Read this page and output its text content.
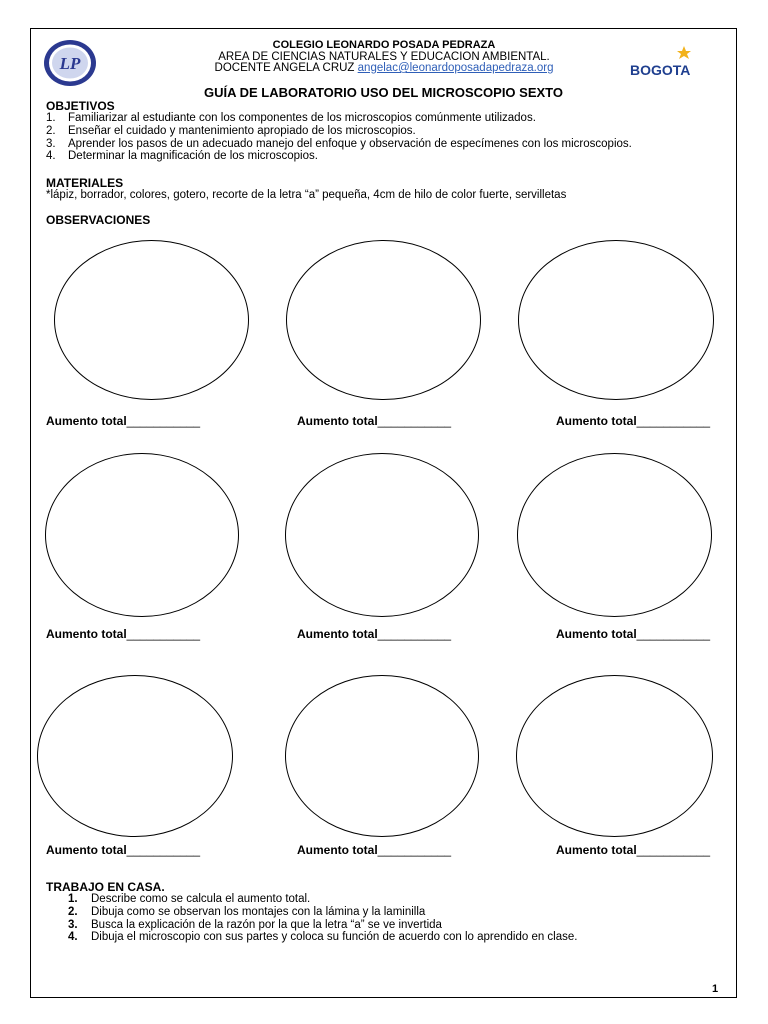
LP	BOGOTA
COLEGIO LEONARDO POSADA PEDRAZA
AREA DE CIENCIAS NATURALES Y EDUCACION AMBIENTAL.
DOCENTE ANGELA CRUZ angelac@leonardoposadapedraza.org
GUÍA DE LABORATORIO USO DEL MICROSCOPIO SEXTO
OBJETIVOS
1.	Familiarizar al estudiante con los componentes de los microscopios comúnmente utilizados.
2.	Enseñar el cuidado y mantenimiento apropiado de los microscopios.
3.	Aprender los pasos de un adecuado manejo del enfoque y observación de especímenes con los microscopios.
4.	Determinar la magnificación de los microscopios.
MATERIALES
*lápiz, borrador, colores, gotero, recorte de la letra “a” pequeña, 4cm de hilo de color fuerte, servilletas
OBSERVACIONES
Aumento total___________	Aumento total___________	Aumento total___________
Aumento total___________	Aumento total___________	Aumento total___________
Aumento total___________	Aumento total___________	Aumento total___________
TRABAJO EN CASA.
1.	Describe como se calcula el aumento total.
2.	Dibuja como se observan los montajes con la lámina y la laminilla
3.	Busca la explicación de la razón por la que la letra “a” se ve invertida
4.	Dibuja el microscopio con sus partes y coloca su función de acuerdo con lo aprendido en clase.
1
